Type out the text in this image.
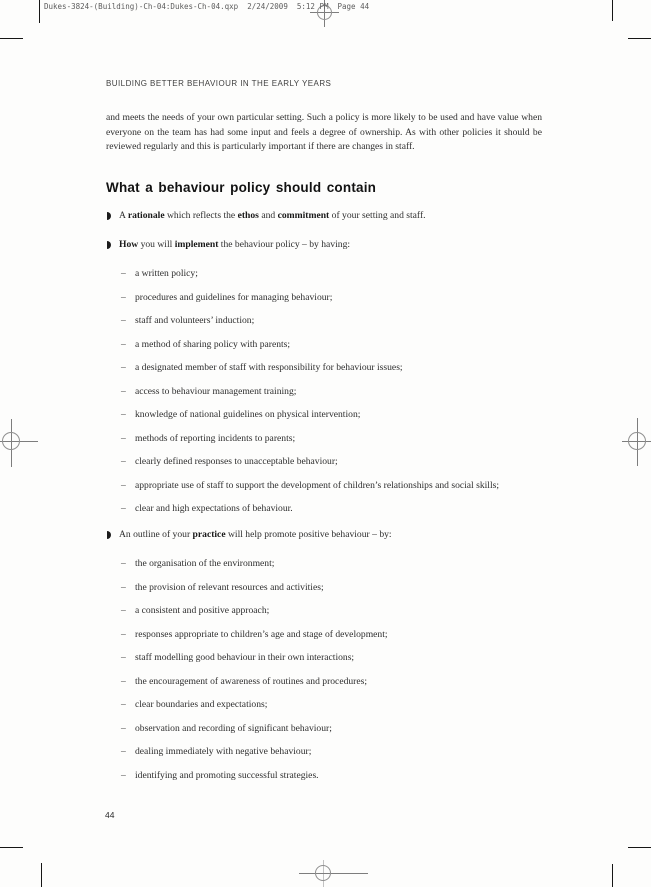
Dukes-3824-(Building)-Ch-04:Dukes-Ch-04.qxp  2/24/2009  5:12 PM  Page 44
BUILDING BETTER BEHAVIOUR IN THE EARLY YEARS
and meets the needs of your own particular setting. Such a policy is more likely to be used and have value when everyone on the team has had some input and feels a degree of ownership. As with other policies it should be reviewed regularly and this is particularly important if there are changes in staff.
What a behaviour policy should contain
A rationale which reflects the ethos and commitment of your setting and staff.
How you will implement the behaviour policy – by having:
– a written policy;
– procedures and guidelines for managing behaviour;
– staff and volunteers’ induction;
– a method of sharing policy with parents;
– a designated member of staff with responsibility for behaviour issues;
– access to behaviour management training;
– knowledge of national guidelines on physical intervention;
– methods of reporting incidents to parents;
– clearly defined responses to unacceptable behaviour;
– appropriate use of staff to support the development of children’s relationships and social skills;
– clear and high expectations of behaviour.
An outline of your practice will help promote positive behaviour – by:
– the organisation of the environment;
– the provision of relevant resources and activities;
– a consistent and positive approach;
– responses appropriate to children’s age and stage of development;
– staff modelling good behaviour in their own interactions;
– the encouragement of awareness of routines and procedures;
– clear boundaries and expectations;
– observation and recording of significant behaviour;
– dealing immediately with negative behaviour;
– identifying and promoting successful strategies.
44
